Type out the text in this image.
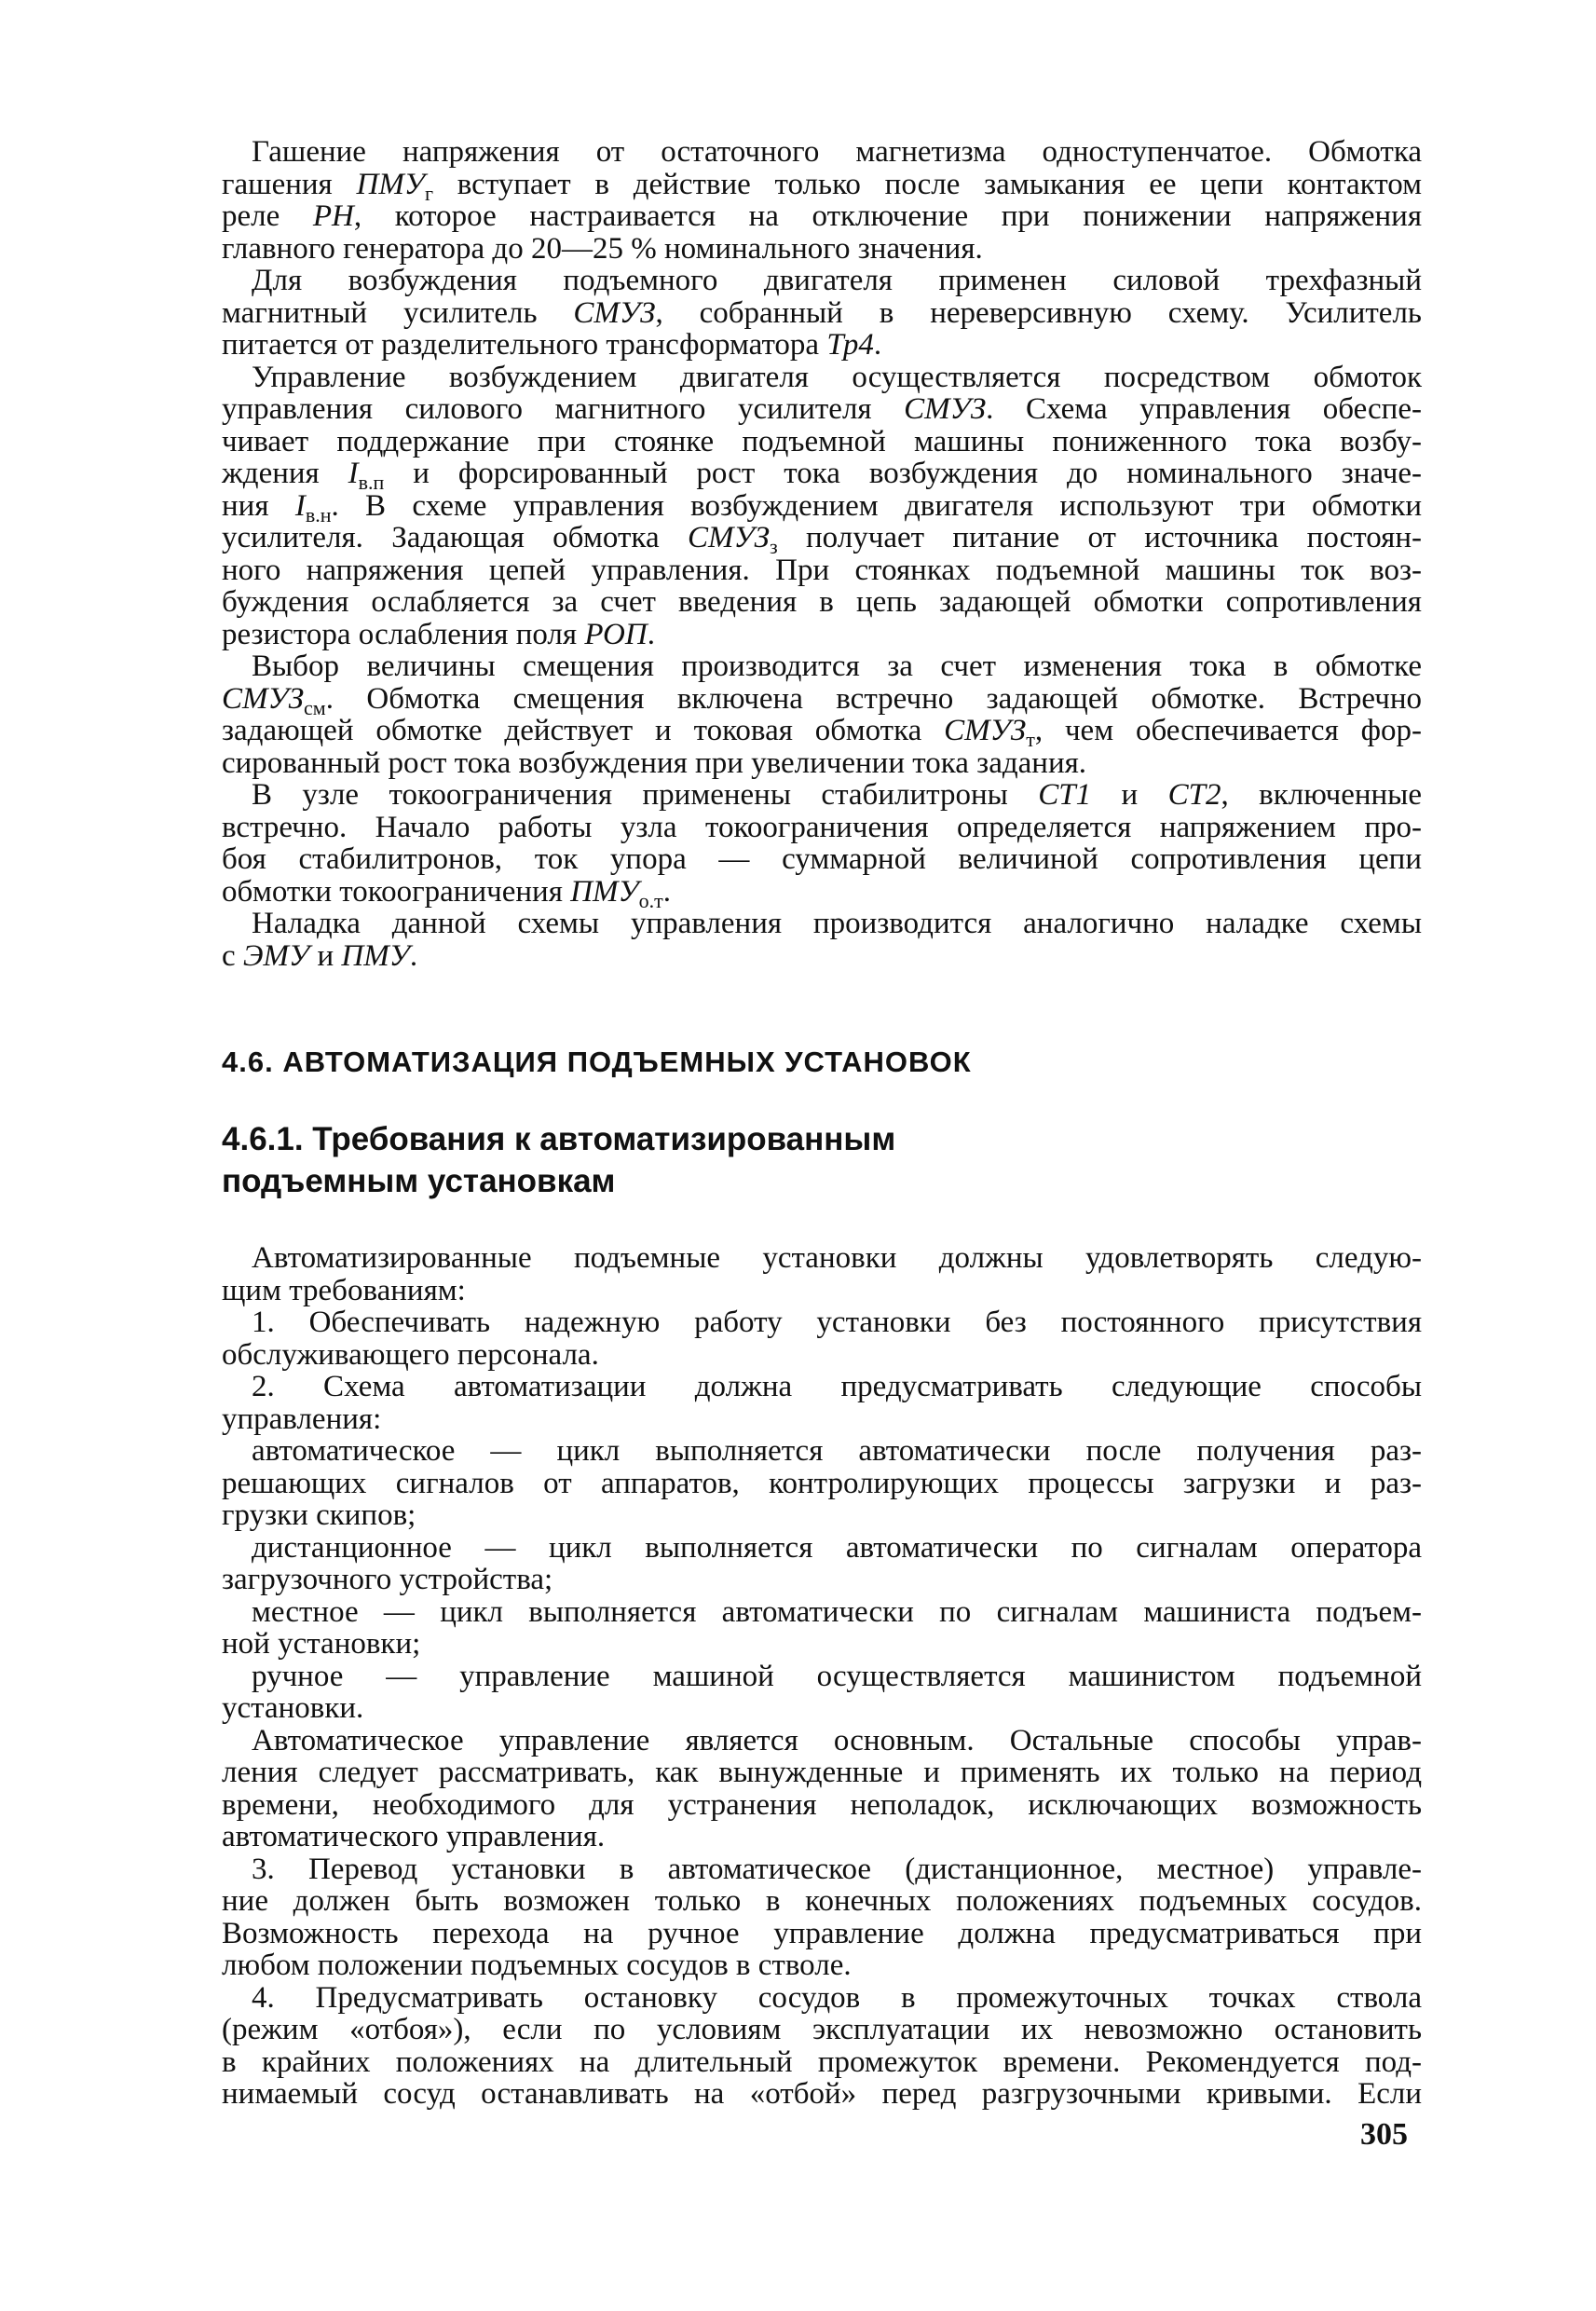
Гашение напряжения от остаточного магнетизма одноступенчатое. Обмотка
гашения $ПМУ_г$ вступает в действие только после замыкания ее цепи контактом
реле РН, которое настраивается на отключение при понижении напряжения
главного генератора до 20—25 % номинального значения.
Для возбуждения подъемного двигателя применен силовой трехфазный
магнитный усилитель СМУЗ, собранный в нереверсивную схему. Усилитель
питается от разделительного трансформатора Тр4.
Управление возбуждением двигателя осуществляется посредством обмоток
управления силового магнитного усилителя СМУЗ. Схема управления обеспе-
чивает поддержание при стоянке подъемной машины пониженного тока возбу-
ждения $I_{в.п}$ и форсированный рост тока возбуждения до номинального значе-
ния $I_{в.н}$. В схеме управления возбуждением двигателя используют три обмотки
усилителя. Задающая обмотка $СМУЗ_з$ получает питание от источника постоян-
ного напряжения цепей управления. При стоянках подъемной машины ток воз-
буждения ослабляется за счет введения в цепь задающей обмотки сопротивления
резистора ослабления поля РОП.
Выбор величины смещения производится за счет изменения тока в обмотке
$СМУЗ_{см}$. Обмотка смещения включена встречно задающей обмотке. Встречно
задающей обмотке действует и токовая обмотка $СМУЗ_т$, чем обеспечивается фор-
сированный рост тока возбуждения при увеличении тока задания.
В узле токоограничения применены стабилитроны СТ1 и СТ2, включенные
встречно. Начало работы узла токоограничения определяется напряжением про-
боя стабилитронов, ток упора — суммарной величиной сопротивления цепи
обмотки токоограничения $ПМУ_{о.т}$.
Наладка данной схемы управления производится аналогично наладке схемы
с ЭМУ и ПМУ.
4.6. АВТОМАТИЗАЦИЯ ПОДЪЕМНЫХ УСТАНОВОК
4.6.1. Требования к автоматизированным
подъемным установкам
Автоматизированные подъемные установки должны удовлетворять следую-
щим требованиям:
1. Обеспечивать надежную работу установки без постоянного присутствия
обслуживающего персонала.
2. Схема автоматизации должна предусматривать следующие способы
управления:
автоматическое — цикл выполняется автоматически после получения раз-
решающих сигналов от аппаратов, контролирующих процессы загрузки и раз-
грузки скипов;
дистанционное — цикл выполняется автоматически по сигналам оператора
загрузочного устройства;
местное — цикл выполняется автоматически по сигналам машиниста подъем-
ной установки;
ручное — управление машиной осуществляется машинистом подъемной
установки.
Автоматическое управление является основным. Остальные способы управ-
ления следует рассматривать, как вынужденные и применять их только на период
времени, необходимого для устранения неполадок, исключающих возможность
автоматического управления.
3. Перевод установки в автоматическое (дистанционное, местное) управле-
ние должен быть возможен только в конечных положениях подъемных сосудов.
Возможность перехода на ручное управление должна предусматриваться при
любом положении подъемных сосудов в стволе.
4. Предусматривать остановку сосудов в промежуточных точках ствола
(режим «отбоя»), если по условиям эксплуатации их невозможно остановить
в крайних положениях на длительный промежуток времени. Рекомендуется под-
нимаемый сосуд останавливать на «отбой» перед разгрузочными кривыми. Если
305
